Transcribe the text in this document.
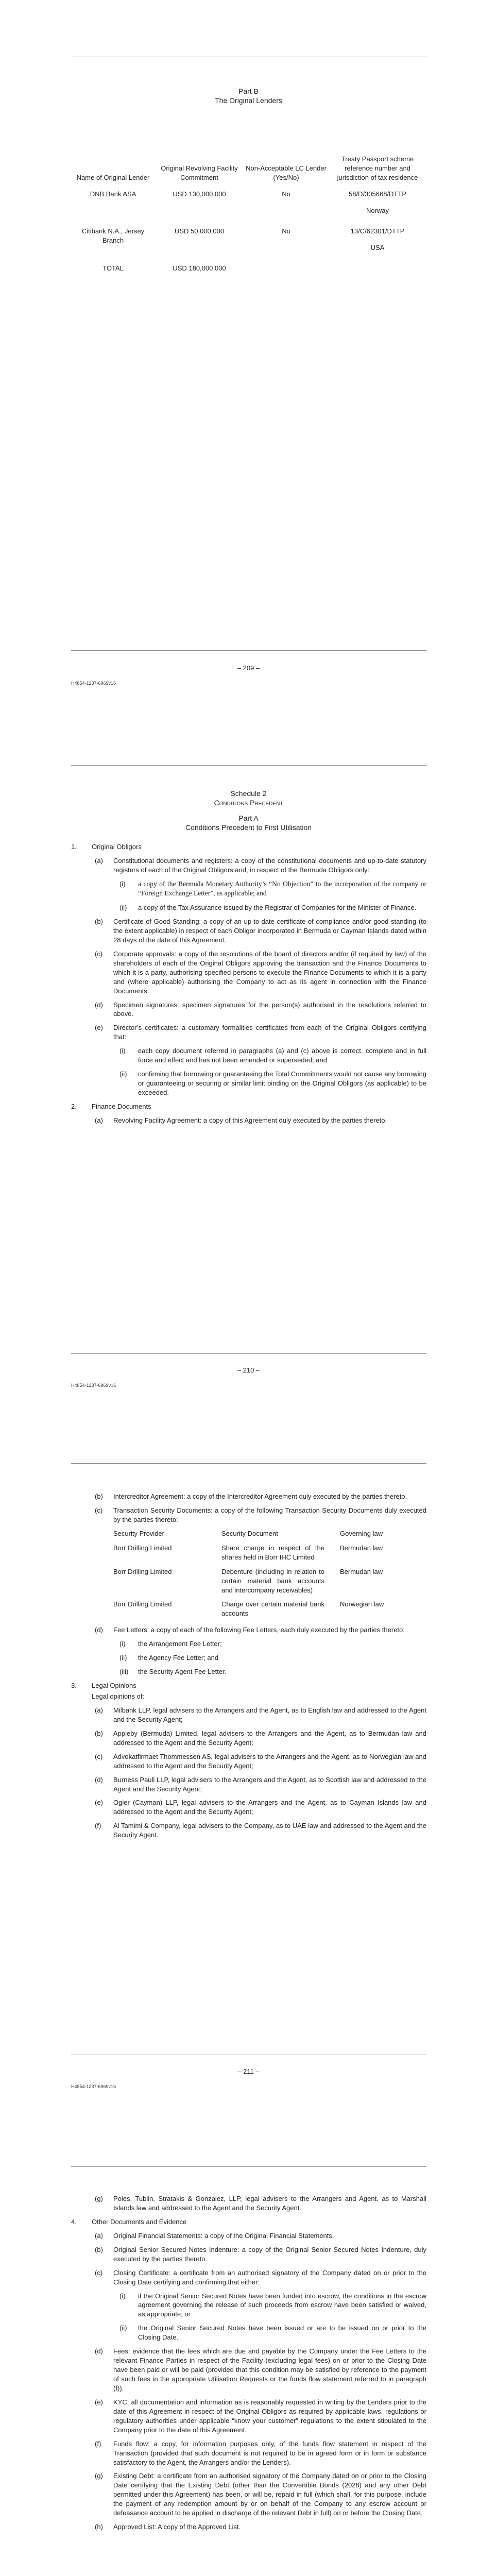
Part B
The Original Lenders
Name of Original Lender	Original Revolving Facility Commitment	Non-Acceptable LC Lender (Yes/No)	Treaty Passport scheme reference number and jurisdiction of tax residence
DNB Bank ASA	USD 130,000,000	No	58/D/305668/DTTP
Norway

Citibank N.A., Jersey Branch	USD 50,000,000	No	13/C/62301/DTTP
USA

TOTAL	USD 180,000,000		
– 209 –
H4854-1237-6969v16
Schedule 2
Conditions Precedent
Part A
Conditions Precedent to First Utilisation
1. Original Obligors
(a) Constitutional documents and registers: a copy of the constitutional documents and up-to-date statutory registers of each of the Original Obligors and, in respect of the Bermuda Obligors only:
(i) a copy of the Bermuda Monetary Authority’s “No Objection” to the incorporation of the company or “Foreign Exchange Letter”, as applicable; and
(ii) a copy of the Tax Assurance issued by the Registrar of Companies for the Minister of Finance.
(b) Certificate of Good Standing: a copy of an up-to-date certificate of compliance and/or good standing (to the extent applicable) in respect of each Obligor incorporated in Bermuda or Cayman Islands dated within 28 days of the date of this Agreement.
(c) Corporate approvals: a copy of the resolutions of the board of directors and/or (if required by law) of the shareholders of each of the Original Obligors approving the transaction and the Finance Documents to which it is a party, authorising specified persons to execute the Finance Documents to which it is a party and (where applicable) authorising the Company to act as its agent in connection with the Finance Documents.
(d) Specimen signatures: specimen signatures for the person(s) authorised in the resolutions referred to above.
(e) Director’s certificates: a customary formalities certificates from each of the Original Obligors certifying that:
(i) each copy document referred in paragraphs (a) and (c) above is correct, complete and in full force and effect and has not been amended or superseded; and
(ii) confirming that borrowing or guaranteeing the Total Commitments would not cause any borrowing or guaranteeing or securing or similar limit binding on the Original Obligors (as applicable) to be exceeded.
2. Finance Documents
(a) Revolving Facility Agreement: a copy of this Agreement duly executed by the parties thereto.
– 210 –
H4854-1237-6969v16
(b) Intercreditor Agreement: a copy of the Intercreditor Agreement duly executed by the parties thereto.
(c) Transaction Security Documents: a copy of the following Transaction Security Documents duly executed by the parties thereto:
Security Provider	Security Document	Governing law
Borr Drilling Limited	Share charge in respect of the shares held in Borr IHC Limited	Bermudan law
Borr Drilling Limited	Debenture (including in relation to certain material bank accounts and intercompany receivables)	Bermudan law
Borr Drilling Limited	Charge over certain material bank accounts	Norwegian law
(d) Fee Letters: a copy of each of the following Fee Letters, each duly executed by the parties thereto:
(i) the Arrangement Fee Letter;
(ii) the Agency Fee Letter; and
(iii) the Security Agent Fee Letter.
3. Legal Opinions
Legal opinions of:
(a) Milbank LLP, legal advisers to the Arrangers and the Agent, as to English law and addressed to the Agent and the Security Agent;
(b) Appleby (Bermuda) Limited, legal advisers to the Arrangers and the Agent, as to Bermudan law and addressed to the Agent and the Security Agent;
(c) Advokatfirmaet Thommessen AS, legal advisers to the Arrangers and the Agent, as to Norwegian law and addressed to the Agent and the Security Agent;
(d) Burness Paull LLP, legal advisers to the Arrangers and the Agent, as to Scottish law and addressed to the Agent and the Security Agent;
(e) Ogier (Cayman) LLP, legal advisers to the Arrangers and the Agent, as to Cayman Islands law and addressed to the Agent and the Security Agent;
(f) Al Tamimi & Company, legal advisers to the Company, as to UAE law and addressed to the Agent and the Security Agent.
– 211 –
H4854-1237-6969v16
(g) Poles, Tublin, Stratakis & Gonzalez, LLP, legal advisers to the Arrangers and Agent, as to Marshall Islands law and addressed to the Agent and the Security Agent.
4. Other Documents and Evidence
(a) Original Financial Statements: a copy of the Original Financial Statements.
(b) Original Senior Secured Notes Indenture: a copy of the Original Senior Secured Notes Indenture, duly executed by the parties thereto.
(c) Closing Certificate: a certificate from an authorised signatory of the Company dated on or prior to the Closing Date certifying and confirming that either:
(i) if the Original Senior Secured Notes have been funded into escrow, the conditions in the escrow agreement governing the release of such proceeds from escrow have been satisfied or waived, as appropriate; or
(ii) the Original Senior Secured Notes have been issued or are to be issued on or prior to the Closing Date.
(d) Fees: evidence that the fees which are due and payable by the Company under the Fee Letters to the relevant Finance Parties in respect of the Facility (excluding legal fees) on or prior to the Closing Date have been paid or will be paid (provided that this condition may be satisfied by reference to the payment of such fees in the appropriate Utilisation Requests or the funds flow statement referred to in paragraph (f)).
(e) KYC: all documentation and information as is reasonably requested in writing by the Lenders prior to the date of this Agreement in respect of the Original Obligors as required by applicable laws, regulations or regulatory authorities under applicable “know your customer” regulations to the extent stipulated to the Company prior to the date of this Agreement.
(f) Funds flow: a copy, for information purposes only, of the funds flow statement in respect of the Transaction (provided that such document is not required to be in agreed form or in form or substance satisfactory to the Agent, the Arrangers and/or the Lenders).
(g) Existing Debt: a certificate from an authorised signatory of the Company dated on or prior to the Closing Date certifying that the Existing Debt (other than the Convertible Bonds (2028) and any other Debt permitted under this Agreement) has been, or will be, repaid in full (which shall, for this purpose, include the payment of any redemption amount by or on behalf of the Company to any escrow account or defeasance account to be applied in discharge of the relevant Debt in full) on or before the Closing Date.
(h) Approved List: A copy of the Approved List.
